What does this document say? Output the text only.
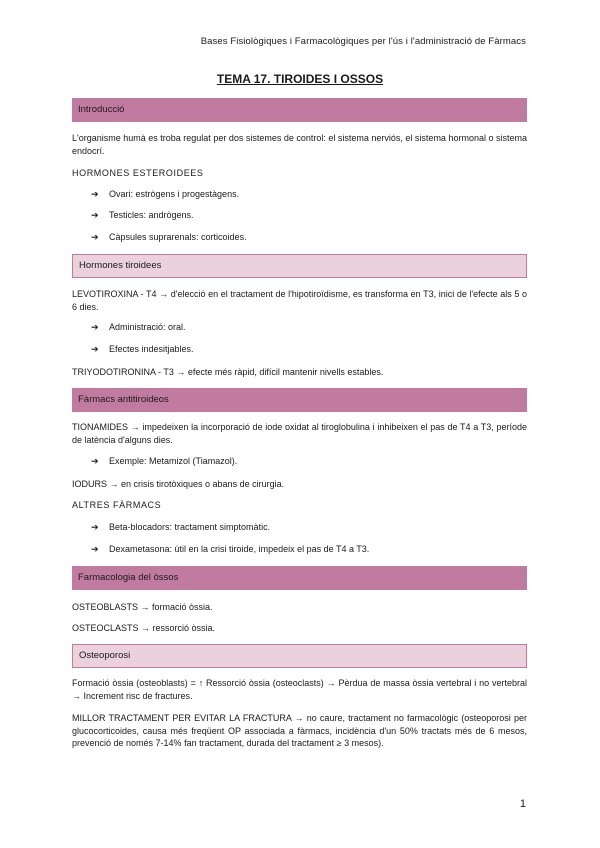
Bases Fisiològiques i Farmacològiques per l'ús i l'administració de Fàrmacs
TEMA 17. TIROIDES I OSSOS
Introducció
L'organisme humà es troba regulat per dos sistemes de control: el sistema nerviós, el sistema hormonal o sistema endocrí.
HORMONES ESTEROIDEES
➔ Ovari: estrògens i progestàgens.
➔ Testicles: andrògens.
➔ Càpsules suprarenals: corticoides.
Hormones tiroidees
LEVOTIROXINA - T4 → d'elecció en el tractament de l'hipotiroïdisme, es transforma en T3, inici de l'efecte als 5 o 6 dies.
➔ Administració: oral.
➔ Efectes indesitjables.
TRIYODOTIRONINA - T3 → efecte més ràpid, difícil mantenir nivells estables.
Fàrmacs antitiroideos
TIONAMIDES → impedeixen la incorporació de iode oxidat al tiroglobulina i inhibeixen el pas de T4 a T3, període de latència d'alguns dies.
➔ Exemple: Metamizol (Tiamazol).
IODURS → en crisis tirotòxiques o abans de cirurgia.
ALTRES FÀRMACS
➔ Beta-blocadors: tractament simptomàtic.
➔ Dexametasona: útil en la crisi tiroide, impedeix el pas de T4 a T3.
Farmacologia del òssos
OSTEOBLASTS → formació òssia.
OSTEOCLASTS → ressorció òssia.
Osteoporosi
Formació òssia (osteoblasts) = ↑ Ressorció òssia (osteoclasts) → Pèrdua de massa òssia vertebral i no vertebral → Increment risc de fractures.
MILLOR TRACTAMENT PER EVITAR LA FRACTURA → no caure, tractament no farmacològic (osteoporosi per glucocorticoides, causa més freqüent OP associada a fàrmacs, incidència d'un 50% tractats més de 6 mesos, prevenció de només 7-14% fan tractament, durada del tractament ≥ 3 mesos).
1
